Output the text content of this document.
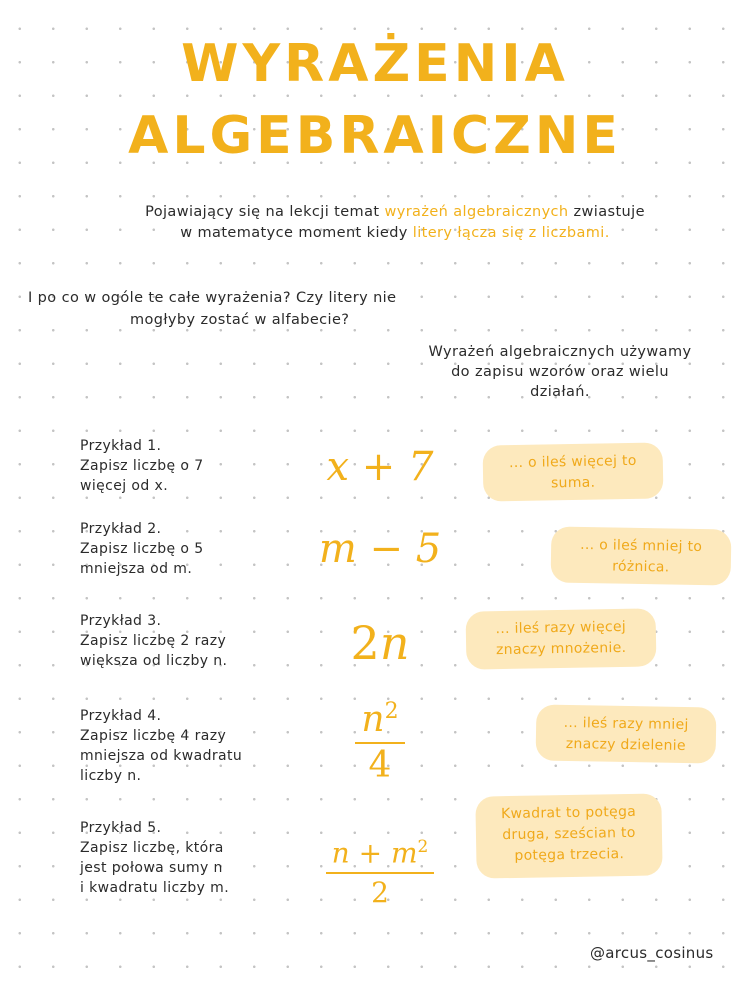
WYRAŻENIA
ALGEBRAICZNE
Pojawiający się na lekcji temat wyrażeń algebraicznych zwiastuje
w matematyce moment kiedy litery łącza się z liczbami.
I po co w ogóle te całe wyrażenia? Czy litery nie
mogłyby zostać w alfabecie?
Wyrażeń algebraicznych używamy
do zapisu wzorów oraz wielu
działań.
Przykład 1.
Zapisz liczbę o 7
więcej od x.	x + 7	... o ileś więcej to
suma.
Przykład 2.
Zapisz liczbę o 5
mniejsza od m.	m − 5	... o ileś mniej to
różnica.
Przykład 3.
Zapisz liczbę 2 razy
większa od liczby n.	2n	... ileś razy więcej
znaczy mnożenie.
Przykład 4.
Zapisz liczbę 4 razy
mniejsza od kwadratu
liczby n.	$\frac{n^2}{4}$	... ileś razy mniej
znaczy dzielenie
Przykład 5.
Zapisz liczbę, która
jest połowa sumy n
i kwadratu liczby m.	$\frac{n + m^2}{2}$
Kwadrat to potęga
druga, sześcian to
potęga trzecia.
@arcus_cosinus
